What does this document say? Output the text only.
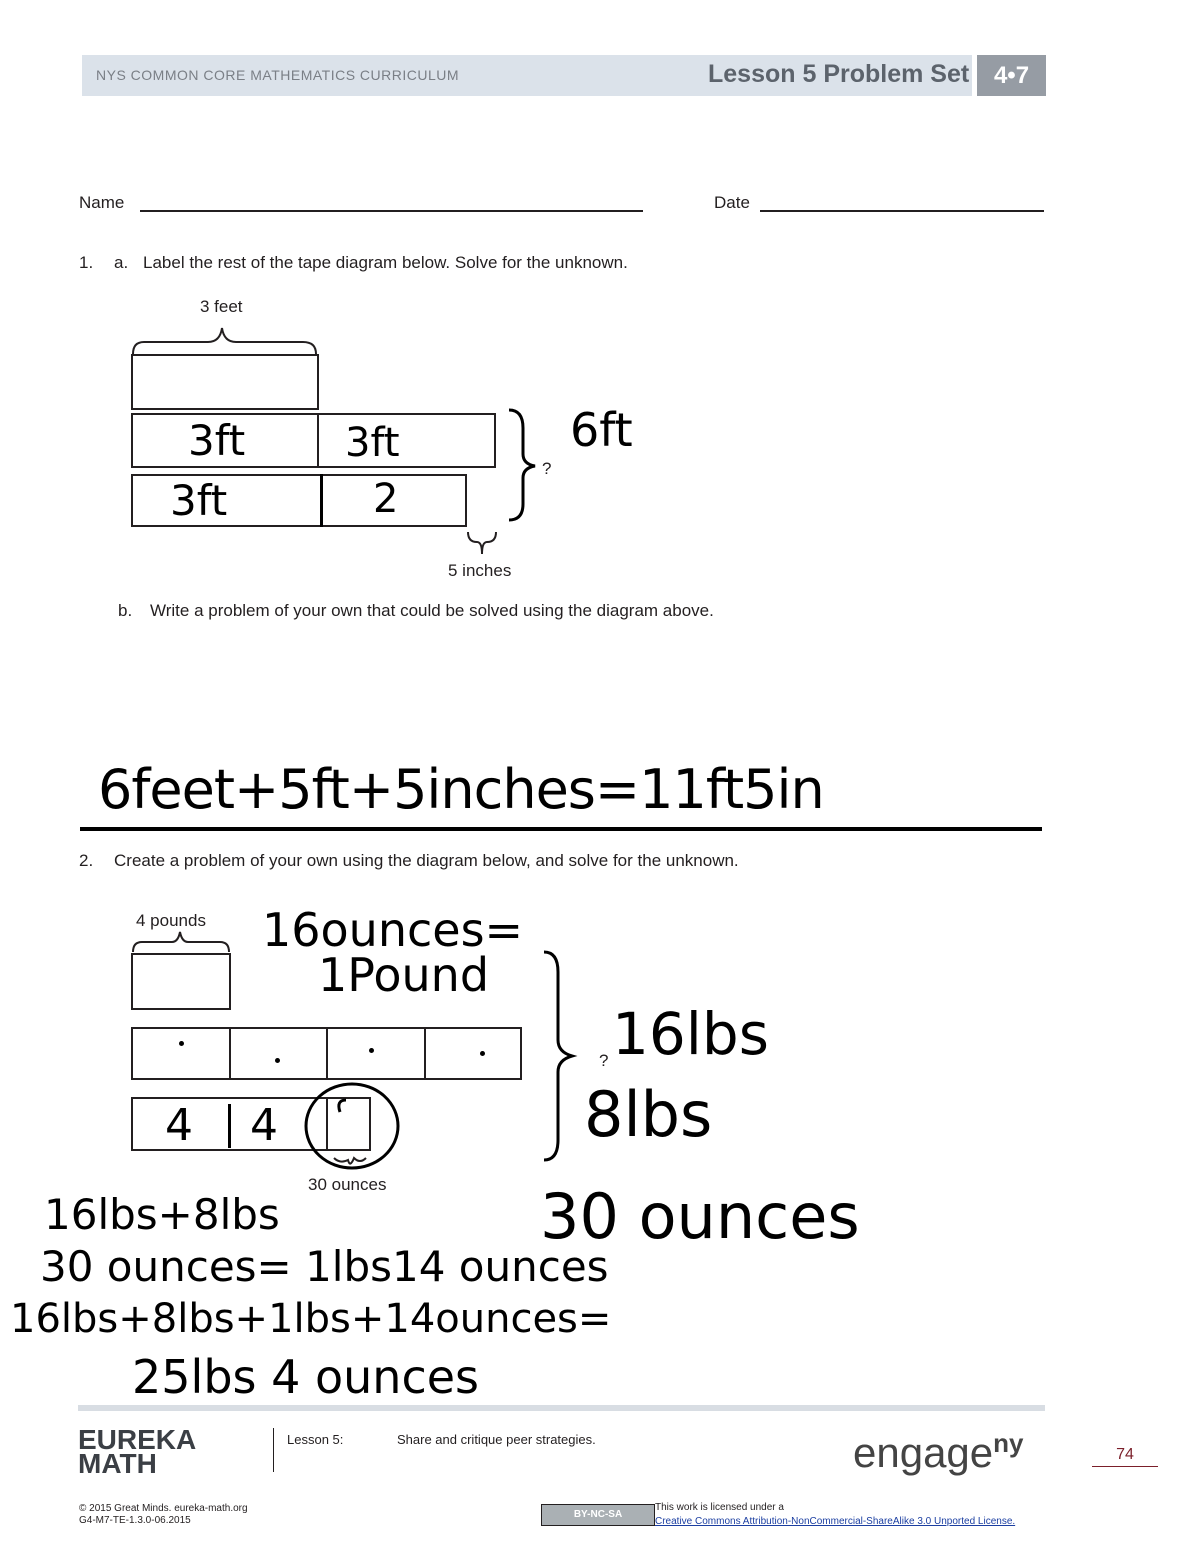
NYS COMMON CORE MATHEMATICS CURRICULUM	Lesson 5 Problem Set	4•7
Name	Date
1. a. Label the rest of the tape diagram below. Solve for the unknown.
3 feet
3ft 3ft
3ft	2
?
6ft
5 inches
b. Write a problem of your own that could be solved using the diagram above.
6feet+5ft+5inches=11ft5in
2. Create a problem of your own using the diagram below, and solve for the unknown.
4 pounds 16ounces=
1Pound
4 4
30 ounces
? 16lbs
8lbs
30 ounces
16lbs+8lbs
30 ounces= 1lbs14 ounces
16lbs+8lbs+1lbs+14ounces=
25lbs 4 ounces
EUREKA
MATH
Lesson 5:	Share and critique peer strategies.	engage$^{ny}$	74
© 2015 Great Minds. eureka-math.org
G4-M7-TE-1.3.0-06.2015
BY-NC-SA
This work is licensed under a
Creative Commons Attribution-NonCommercial-ShareAlike 3.0 Unported License.
